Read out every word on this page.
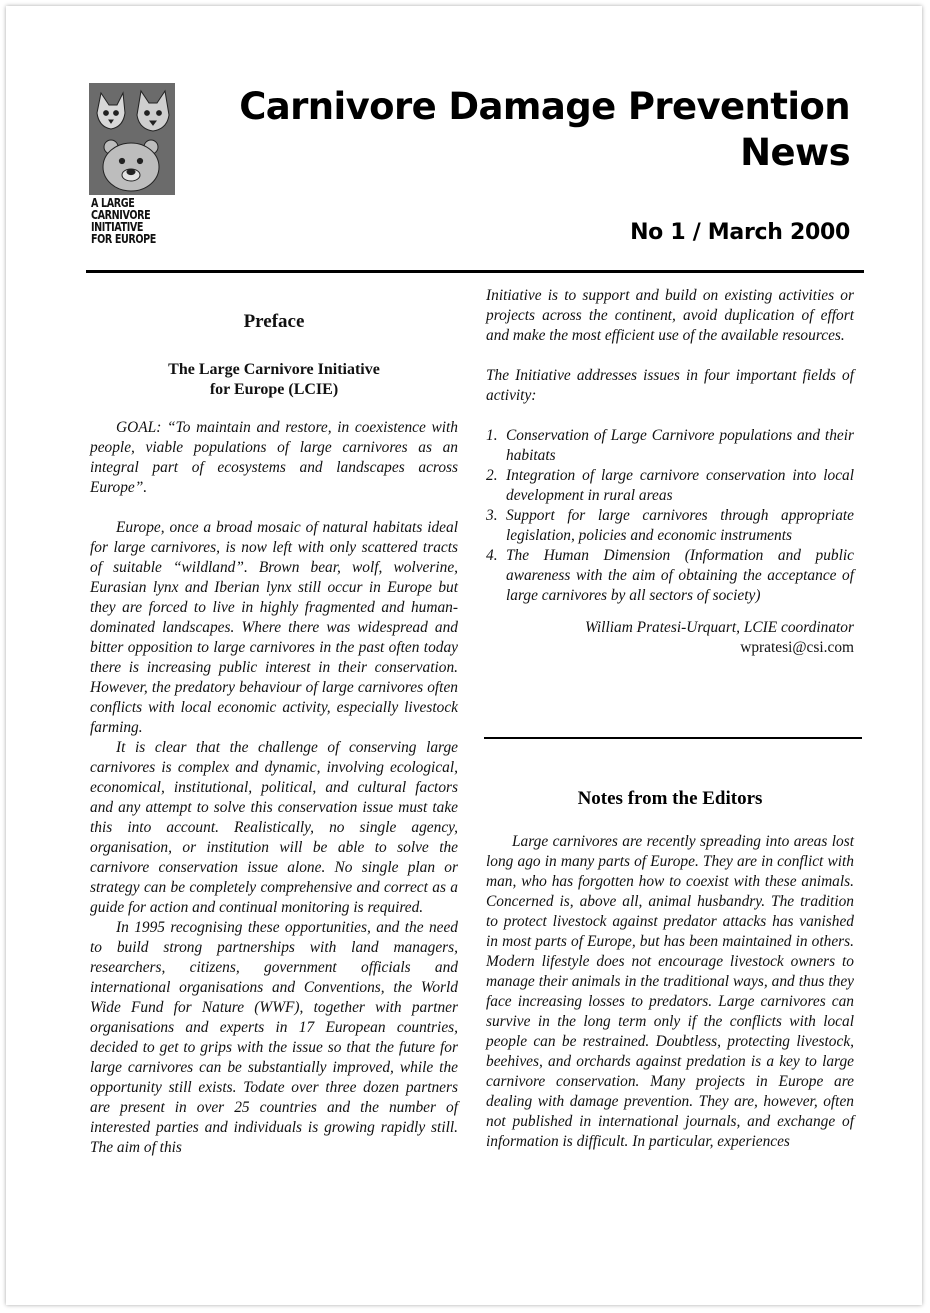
A LARGE
CARNIVORE
INITIATIVE
FOR EUROPE
Carnivore Damage Prevention
News
No 1 / March 2000
Preface
The Large Carnivore Initiative
for Europe (LCIE)

GOAL: “To maintain and restore, in coexistence with people, viable populations of large carnivores as an integral part of ecosystems and landscapes across Europe”.

Europe, once a broad mosaic of natural habitats ideal for large carnivores, is now left with only scattered tracts of suitable “wildland”. Brown bear, wolf, wolverine, Eurasian lynx and Iberian lynx still occur in Europe but they are forced to live in highly fragmented and human-dominated landscapes. Where there was widespread and bitter opposition to large carnivores in the past often today there is increasing public interest in their conservation. However, the predatory behaviour of large carnivores often conflicts with local economic activity, especially livestock farming.

It is clear that the challenge of conserving large carnivores is complex and dynamic, involving ecological, economical, institutional, political, and cultural factors and any attempt to solve this conservation issue must take this into account. Realistically, no single agency, organisation, or institution will be able to solve the carnivore conservation issue alone. No single plan or strategy can be completely comprehensive and correct as a guide for action and continual monitoring is required.

In 1995 recognising these opportunities, and the need to build strong partnerships with land managers, researchers, citizens, government officials and international organisations and Conventions, the World Wide Fund for Nature (WWF), together with partner organisations and experts in 17 European countries, decided to get to grips with the issue so that the future for large carnivores can be substantially improved, while the opportunity still exists. Todate over three dozen partners are present in over 25 countries and the number of interested parties and individuals is growing rapidly still. The aim of this

Initiative is to support and build on existing activities or projects across the continent, avoid duplication of effort and make the most efficient use of the available resources.

The Initiative addresses issues in four important fields of activity:

1. Conservation of Large Carnivore populations and their habitats
2. Integration of large carnivore conservation into local development in rural areas
3. Support for large carnivores through appropriate legislation, policies and economic instruments
4. The Human Dimension (Information and public awareness with the aim of obtaining the acceptance of large carnivores by all sectors of society)
William Pratesi-Urquart, LCIE coordinator
wpratesi@csi.com
Notes from the Editors

Large carnivores are recently spreading into areas lost long ago in many parts of Europe. They are in conflict with man, who has forgotten how to coexist with these animals. Concerned is, above all, animal husbandry. The tradition to protect livestock against predator attacks has vanished in most parts of Europe, but has been maintained in others. Modern lifestyle does not encourage livestock owners to manage their animals in the traditional ways, and thus they face increasing losses to predators. Large carnivores can survive in the long term only if the conflicts with local people can be restrained. Doubtless, protecting livestock, beehives, and orchards against predation is a key to large carnivore conservation. Many projects in Europe are dealing with damage prevention. They are, however, often not published in international journals, and exchange of information is difficult. In particular, experiences
